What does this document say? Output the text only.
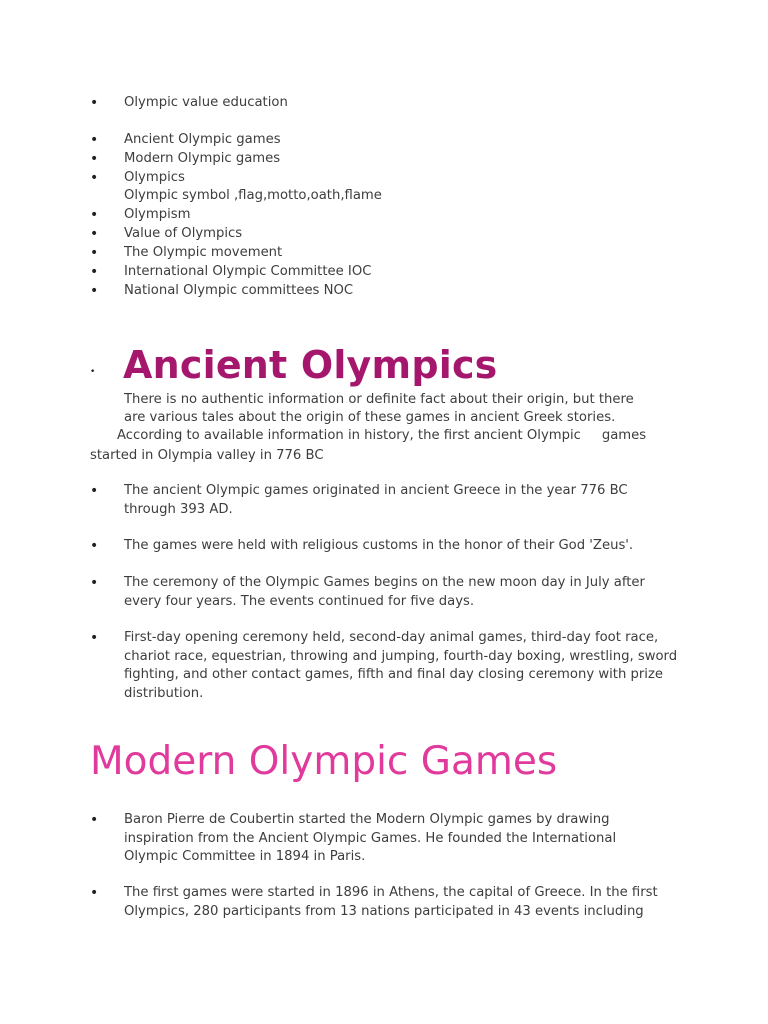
• Olympic value education
• Ancient Olympic games
• Modern Olympic games
• Olympics
Olympic symbol ,flag,motto,oath,flame
• Olympism
• Value of Olympics
• The Olympic movement
• International Olympic Committee IOC
• National Olympic committees NOC
• Ancient Olympics
There is no authentic information or definite fact about their origin, but there
are various tales about the origin of these games in ancient Greek stories.
According to available information in history, the first ancient Olympic     games
started in Olympia valley in 776 BC
• The ancient Olympic games originated in ancient Greece in the year 776 BC through 393 AD.
• The games were held with religious customs in the honor of their God 'Zeus'.
• The ceremony of the Olympic Games begins on the new moon day in July after every four years. The events continued for five days.
• First-day opening ceremony held, second-day animal games, third-day foot race, chariot race, equestrian, throwing and jumping, fourth-day boxing, wrestling, sword fighting, and other contact games, fifth and final day closing ceremony with prize distribution.
Modern Olympic Games
• Baron Pierre de Coubertin started the Modern Olympic games by drawing inspiration from the Ancient Olympic Games. He founded the International Olympic Committee in 1894 in Paris.
• The first games were started in 1896 in Athens, the capital of Greece. In the first Olympics, 280 participants from 13 nations participated in 43 events including
